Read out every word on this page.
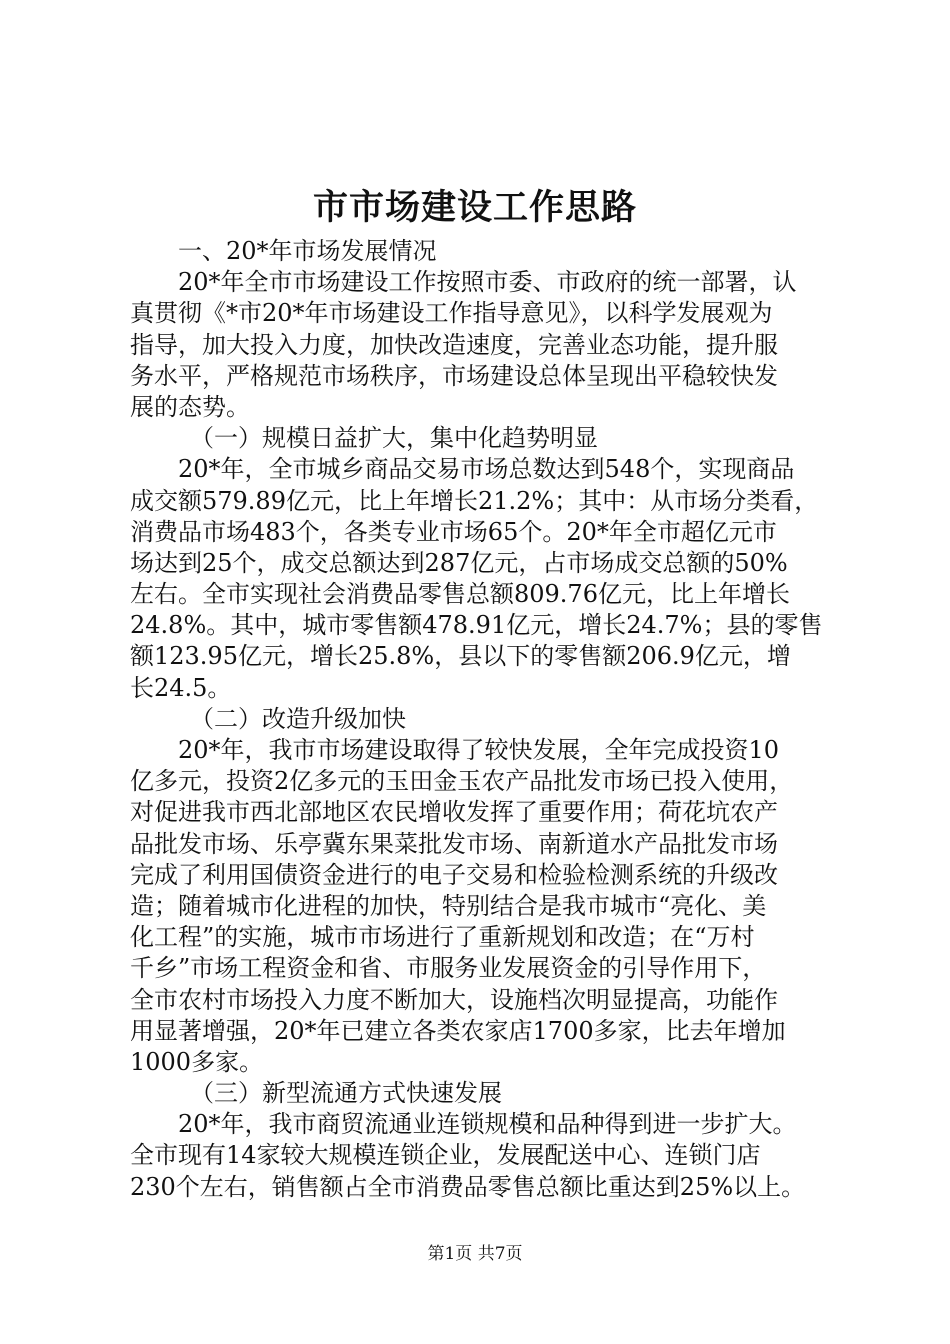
市市场建设工作思路
一、20*年市场发展情况
20*年全市市场建设工作按照市委、市政府的统一部署，认
真贯彻《*市20*年市场建设工作指导意见》，以科学发展观为
指导，加大投入力度，加快改造速度，完善业态功能，提升服
务水平，严格规范市场秩序，市场建设总体呈现出平稳较快发
展的态势。
（一）规模日益扩大，集中化趋势明显
20*年，全市城乡商品交易市场总数达到548个，实现商品
成交额579.89亿元，比上年增长21.2%；其中：从市场分类看，
消费品市场483个，各类专业市场65个。20*年全市超亿元市
场达到25个，成交总额达到287亿元，占市场成交总额的50%
左右。全市实现社会消费品零售总额809.76亿元，比上年增长
24.8%。其中，城市零售额478.91亿元，增长24.7%；县的零售
额123.95亿元，增长25.8%，县以下的零售额206.9亿元，增
长24.5。
（二）改造升级加快
20*年，我市市场建设取得了较快发展，全年完成投资10
亿多元，投资2亿多元的玉田金玉农产品批发市场已投入使用，
对促进我市西北部地区农民增收发挥了重要作用；荷花坑农产
品批发市场、乐亭冀东果菜批发市场、南新道水产品批发市场
完成了利用国债资金进行的电子交易和检验检测系统的升级改
造；随着城市化进程的加快，特别结合是我市城市“亮化、美
化工程”的实施，城市市场进行了重新规划和改造；在“万村
千乡”市场工程资金和省、市服务业发展资金的引导作用下，
全市农村市场投入力度不断加大，设施档次明显提高，功能作
用显著增强，20*年已建立各类农家店1700多家，比去年增加
1000多家。
（三）新型流通方式快速发展
20*年，我市商贸流通业连锁规模和品种得到进一步扩大。
全市现有14家较大规模连锁企业，发展配送中心、连锁门店
230个左右，销售额占全市消费品零售总额比重达到25%以上。
第1页 共7页
